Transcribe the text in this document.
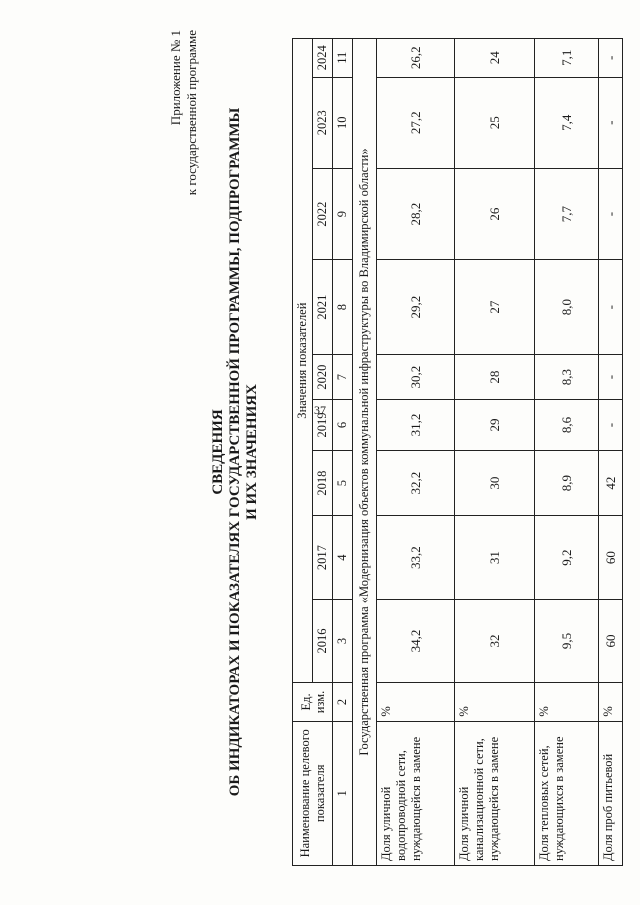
37
Приложение № 1 к государственной программе
СВЕДЕНИЯ ОБ ИНДИКАТОРАХ И ПОКАЗАТЕЛЯХ ГОСУДАРСТВЕННОЙ ПРОГРАММЫ, ПОДПРОГРАММЫ И ИХ ЗНАЧЕНИЯХ
Наименование целевого показателя	Ед. изм.	Значения показателей								
		2016	2017	2018	2019	2020	2021	2022	2023	2024
1	2	3	4	5	6	7	8	9	10	11
Государственная программа «Модернизация объектов коммунальной инфраструктуры во Владимирской области»										
Доля уличной водопроводной сети, нуждающейся в замене	%	34,2	33,2	32,2	31,2	30,2	29,2	28,2	27,2	26,2
Доля уличной канализационной сети, нуждающейся в замене	%	32	31	30	29	28	27	26	25	24
Доля тепловых сетей, нуждающихся в замене	%	9,5	9,2	8,9	8,6	8,3	8,0	7,7	7,4	7,1
Доля проб питьевой	%	60	60	42	-	-	-	-	-	-
